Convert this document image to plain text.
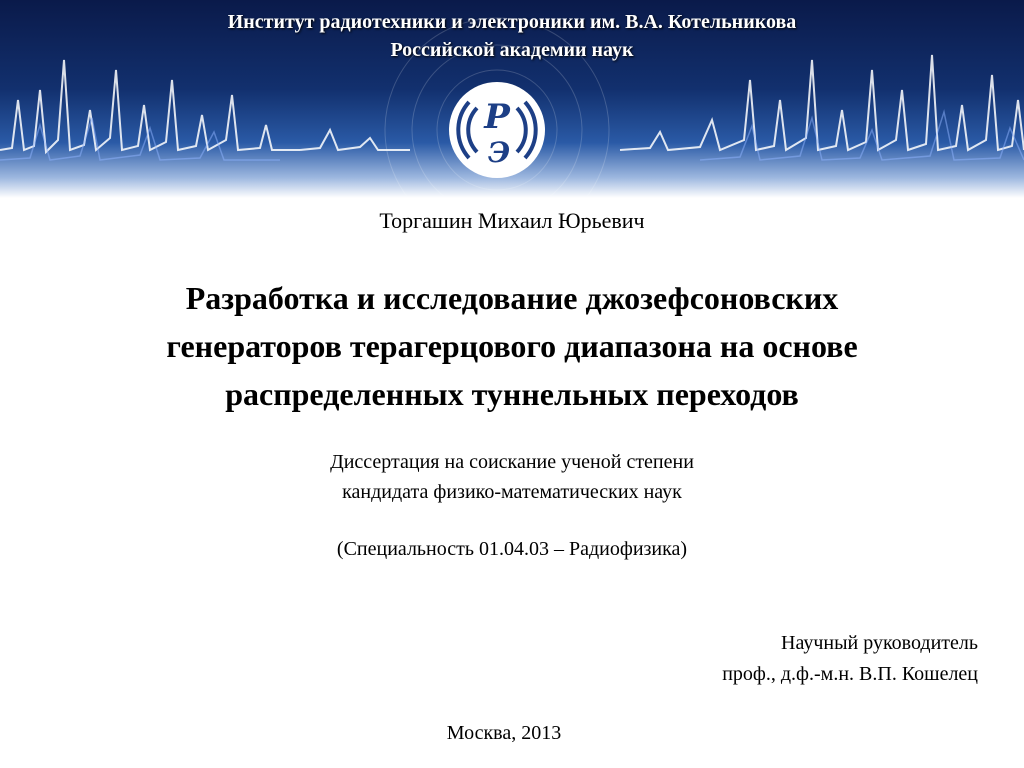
Институт радиотехники и электроники им. В.А. Котельникова
Российской академии наук
Р
Э
Торгашин Михаил Юрьевич
Разработка и исследование джозефсоновских
генераторов терагерцового диапазона на основе
распределенных туннельных переходов
Диссертация на соискание ученой степени
кандидата физико-математических наук
(Специальность 01.04.03 – Радиофизика)
Научный руководитель
проф., д.ф.-м.н. В.П. Кошелец
Москва, 2013
